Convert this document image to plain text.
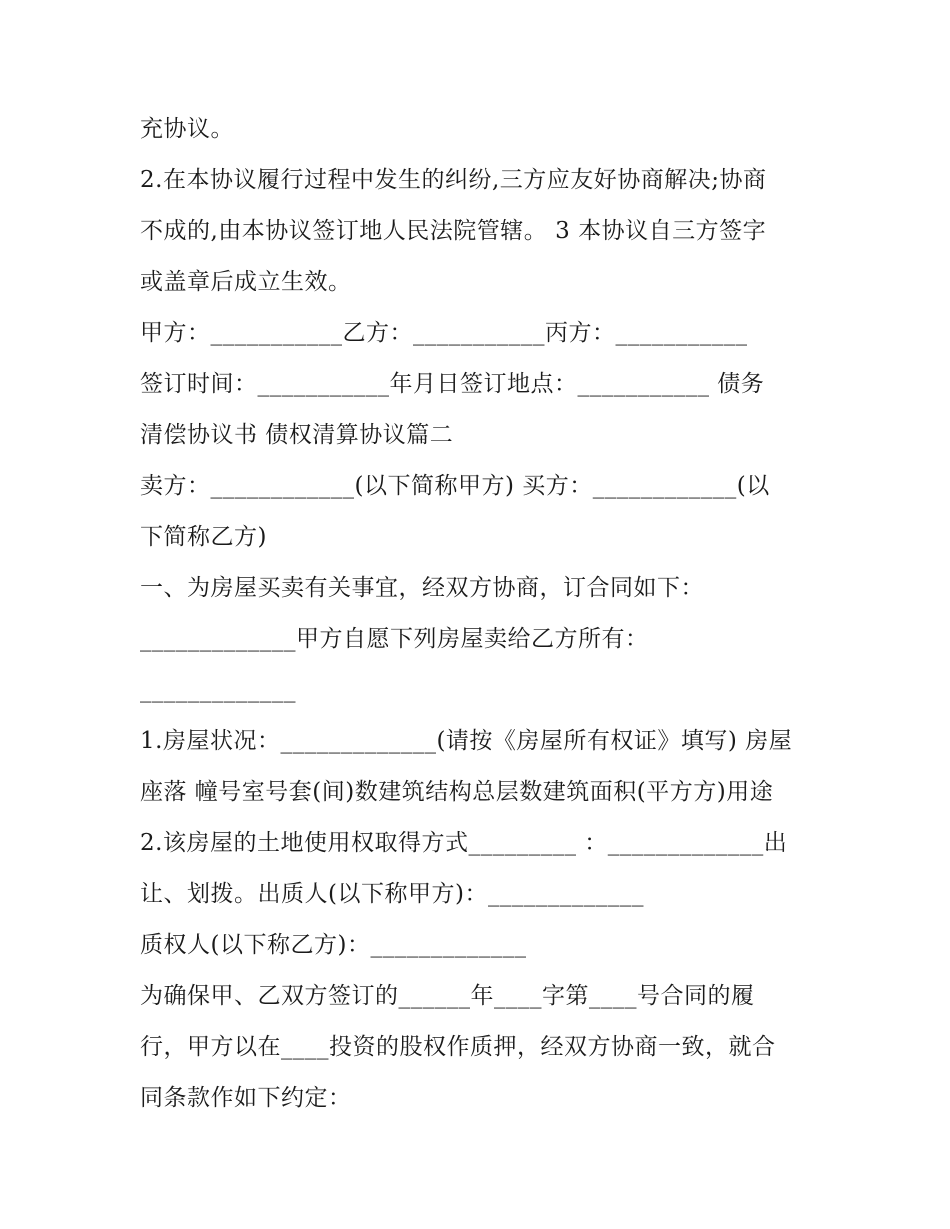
充协议。
2.在本协议履行过程中发生的纠纷,三方应友好协商解决;协商
不成的,由本协议签订地人民法院管辖。 3 本协议自三方签字
或盖章后成立生效。
甲方：___________乙方：___________丙方：___________
签订时间：___________年月日签订地点：___________ 债务
清偿协议书 债权清算协议篇二
卖方：____________(以下简称甲方) 买方：____________(以
下简称乙方)
一、为房屋买卖有关事宜，经双方协商，订合同如下：
_____________甲方自愿下列房屋卖给乙方所有：
_____________
1.房屋状况：_____________(请按《房屋所有权证》填写) 房屋
座落 幢号室号套(间)数建筑结构总层数建筑面积(平方方)用途
2.该房屋的土地使用权取得方式_________ ：_____________出
让、划拨。出质人(以下称甲方)：_____________
质权人(以下称乙方)：_____________
为确保甲、乙双方签订的______年____字第____号合同的履
行，甲方以在____投资的股权作质押，经双方协商一致，就合
同条款作如下约定：
